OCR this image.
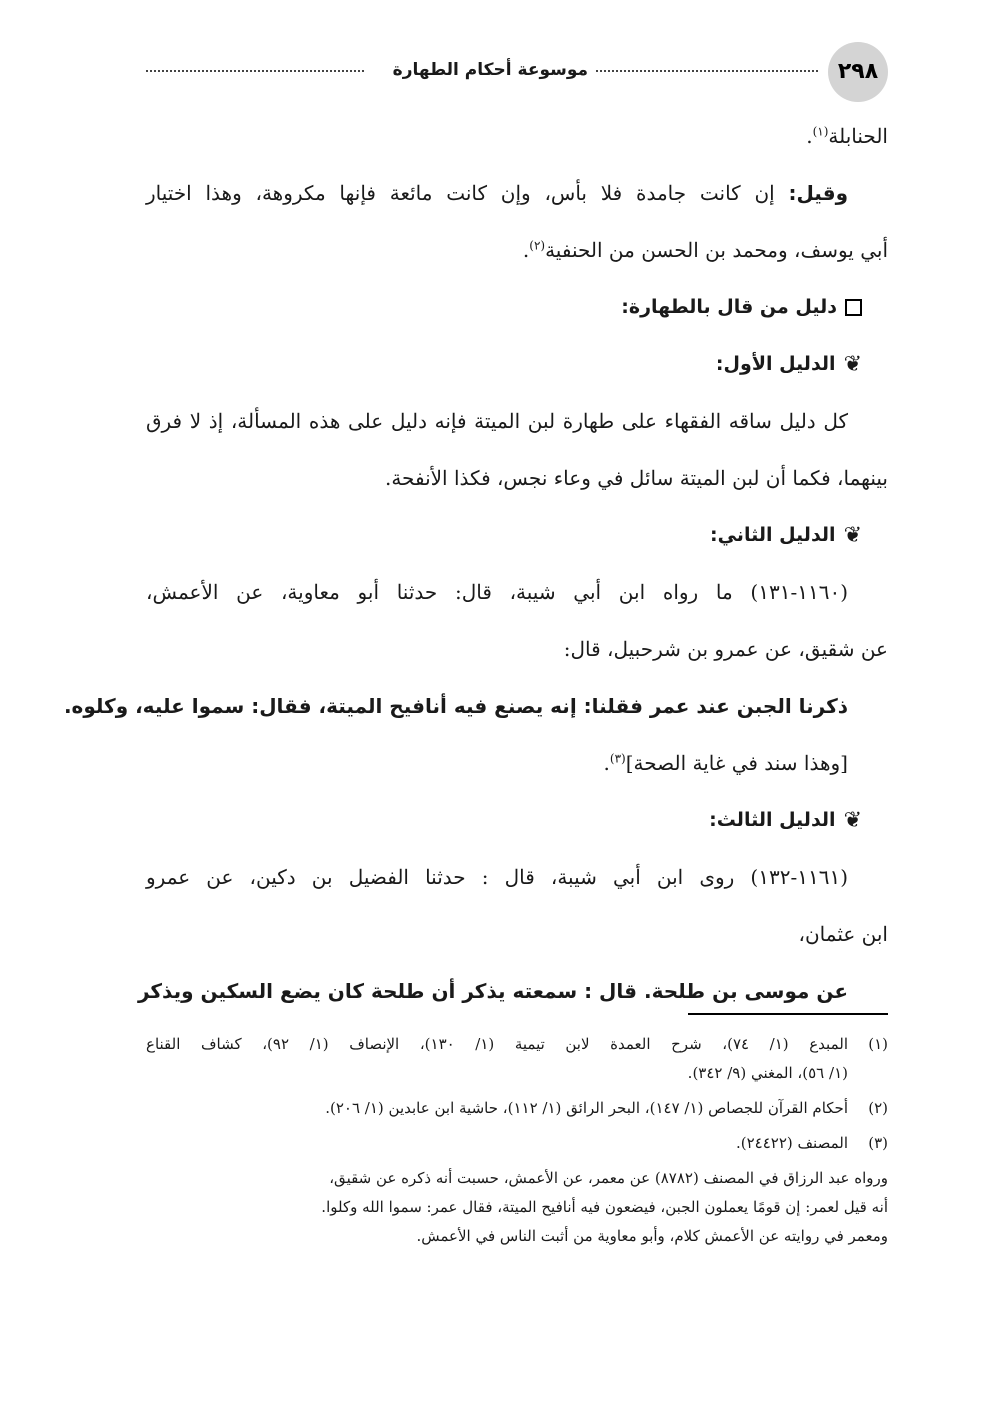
٢٩٨
موسوعة أحكام الطهارة
الحنابلة$^{(١)}$.
وقيل: إن كانت جامدة فلا بأس، وإن كانت مائعة فإنها مكروهة، وهذا اختيار
أبي يوسف، ومحمد بن الحسن من الحنفية$^{(٢)}$.
دليل من قال بالطهارة:
❦الدليل الأول:
كل دليل ساقه الفقهاء على طهارة لبن الميتة فإنه دليل على هذه المسألة، إذ لا فرق
بينهما، فكما أن لبن الميتة سائل في وعاء نجس، فكذا الأنفحة.
❦الدليل الثاني:
(١١٦٠-١٣١) ما رواه ابن أبي شيبة، قال: حدثنا أبو معاوية، عن الأعمش،
عن شقيق، عن عمرو بن شرحبيل، قال:
ذكرنا الجبن عند عمر فقلنا: إنه يصنع فيه أنافيح الميتة، فقال: سموا عليه، وكلوه.
[وهذا سند في غاية الصحة]$^{(٣)}$.
❦الدليل الثالث:
(١١٦١-١٣٢) روى ابن أبي شيبة، قال : حدثنا الفضيل بن دكين، عن عمرو
ابن عثمان،
عن موسى بن طلحة. قال : سمعته يذكر أن طلحة كان يضع السكين ويذكر
(١)المبدع (١/ ٧٤)، شرح العمدة لابن تيمية (١/ ١٣٠)، الإنصاف (١/ ٩٢)، كشاف القناع
(١/ ٥٦)، المغني (٩/ ٣٤٢).
(٢)أحكام القرآن للجصاص (١/ ١٤٧)، البحر الرائق (١/ ١١٢)، حاشية ابن عابدين (١/ ٢٠٦).
(٣)المصنف (٢٤٤٢٢).
ورواه عبد الرزاق في المصنف (٨٧٨٢) عن معمر، عن الأعمش، حسبت أنه ذكره عن شقيق،
أنه قيل لعمر: إن قومًا يعملون الجبن، فيضعون فيه أنافيح الميتة، فقال عمر: سموا الله وكلوا.
ومعمر في روايته عن الأعمش كلام، وأبو معاوية من أثبت الناس في الأعمش.
